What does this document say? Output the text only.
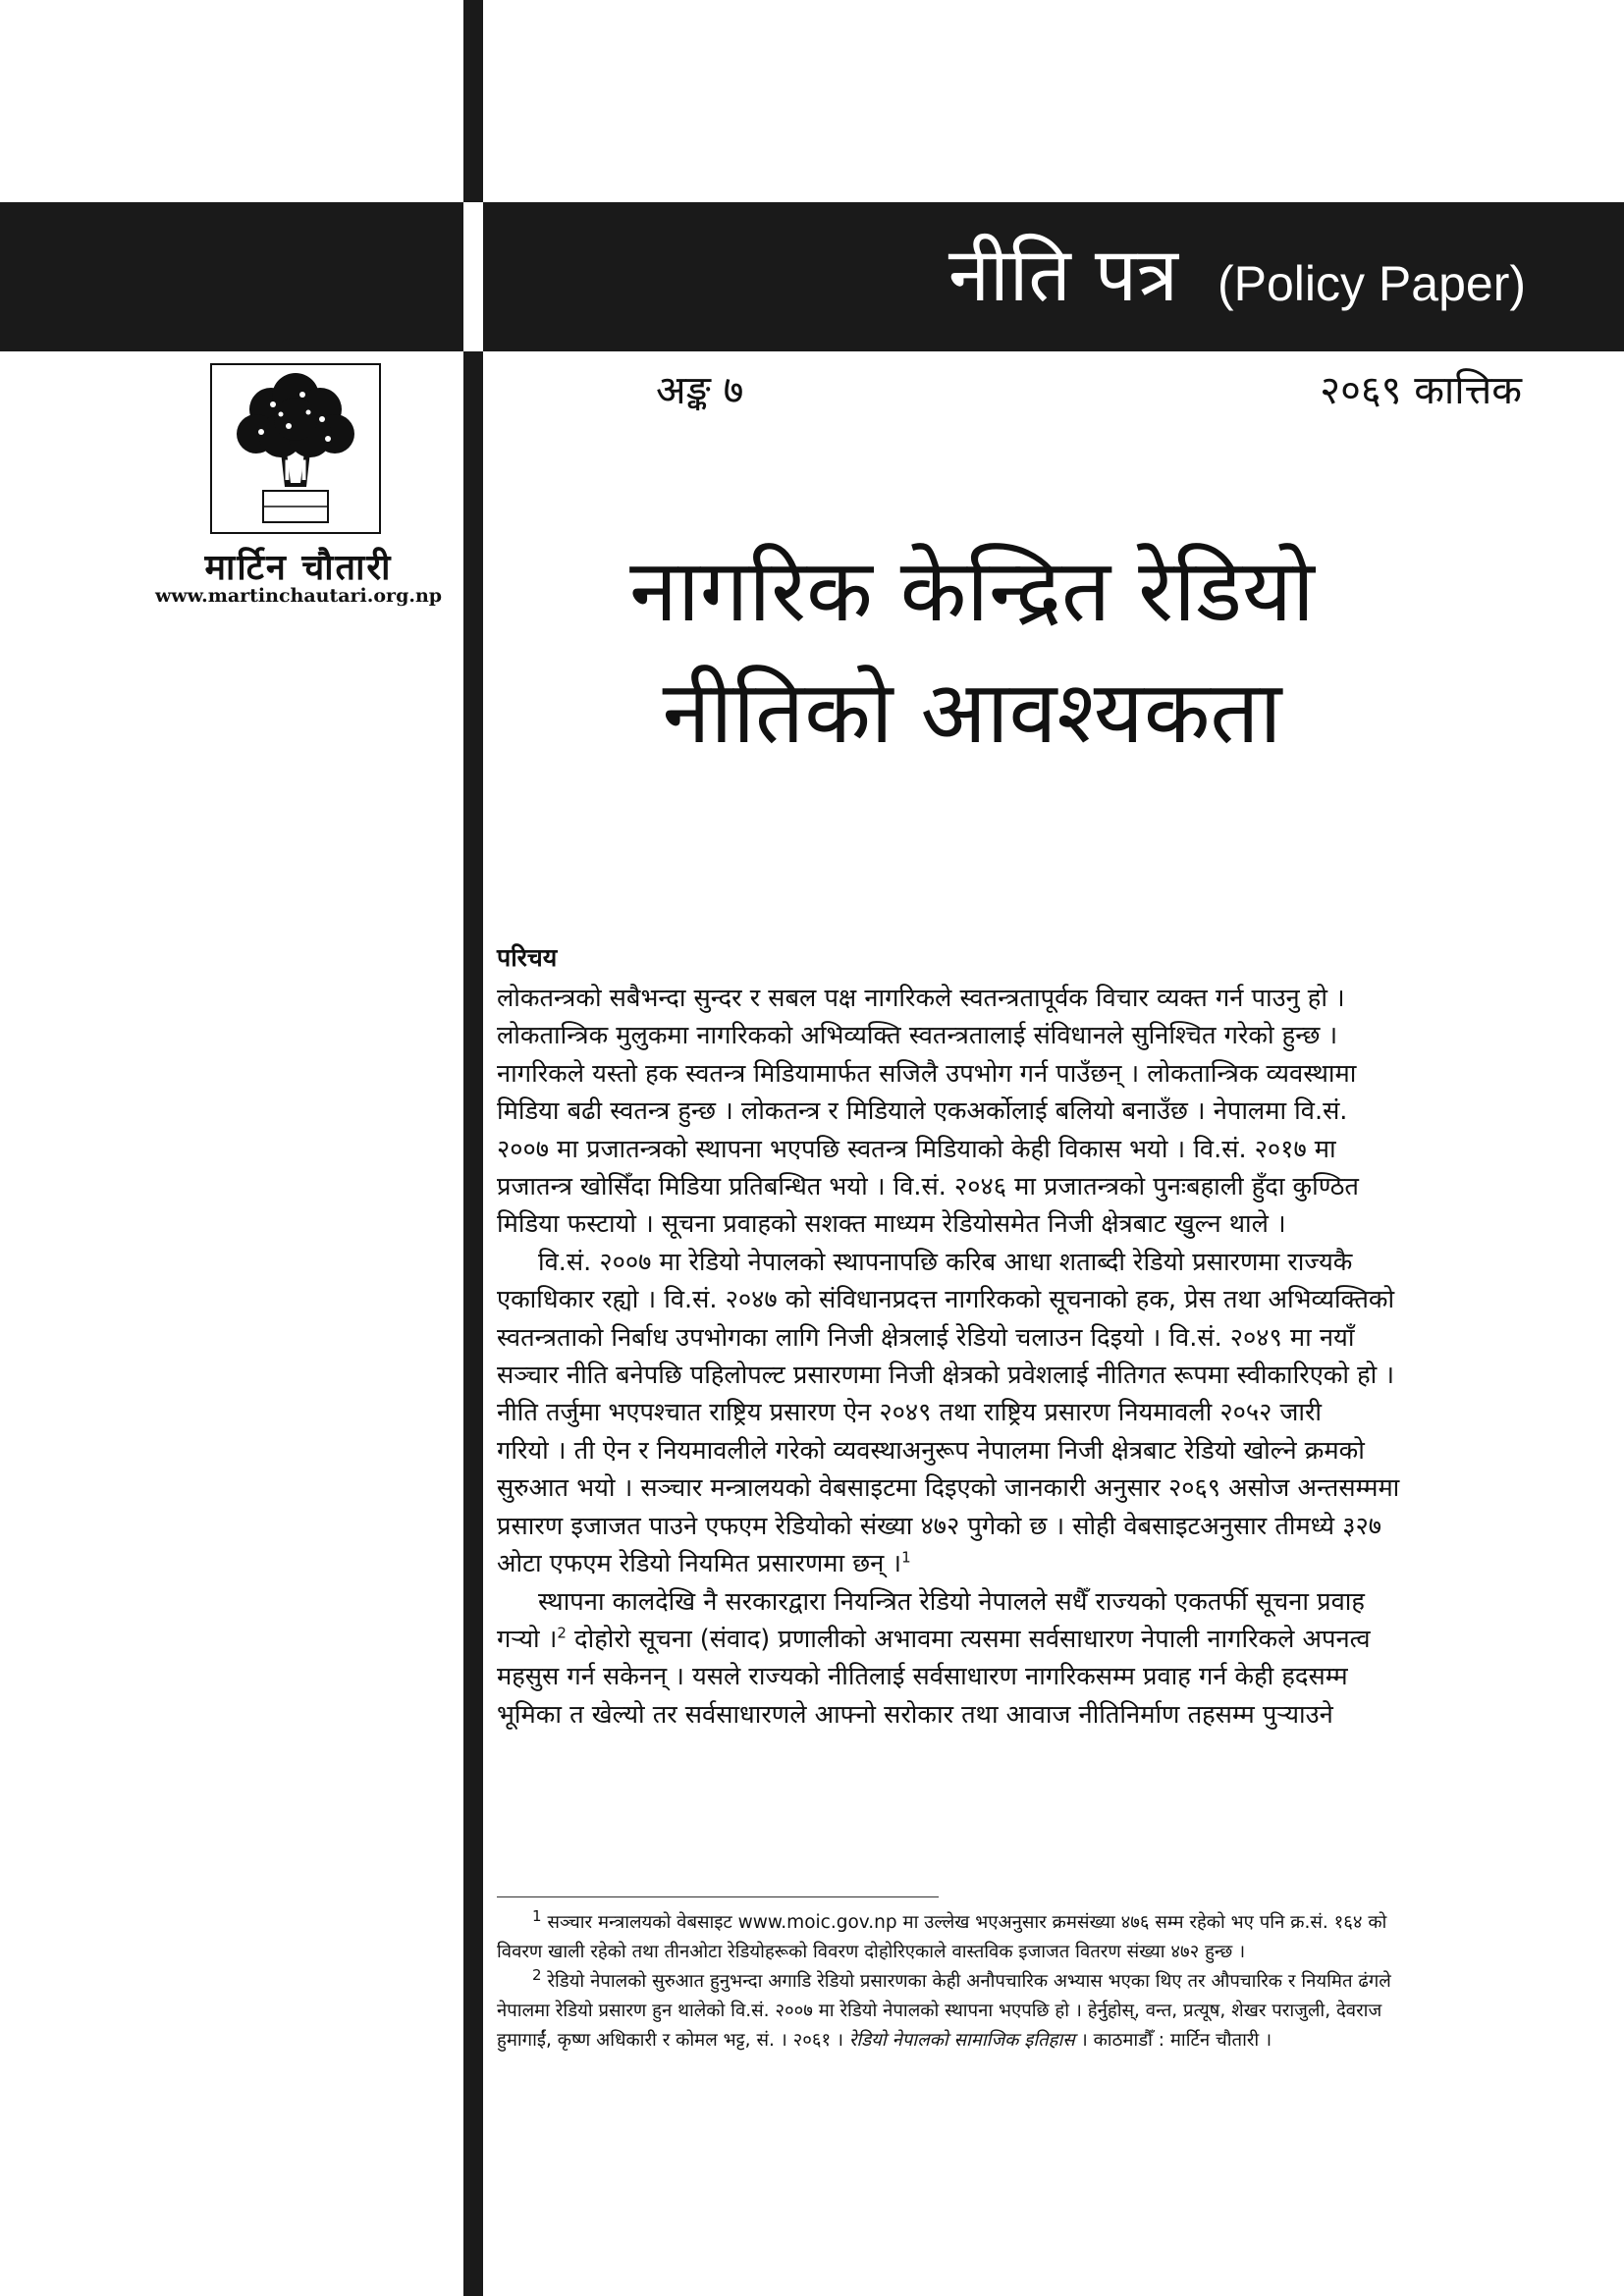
नीति पत्र (Policy Paper)
अङ्क ७	२०६९ कात्तिक
M
मार्टिन चौतारी
www.martinchautari.org.np	नागरिक केन्द्रित रेडियो
नीतिको आवश्यकता
परिचय
लोकतन्त्रको सबैभन्दा सुन्दर र सबल पक्ष नागरिकले स्वतन्त्रतापूर्वक विचार व्यक्त गर्न पाउनु हो ।
लोकतान्त्रिक मुलुकमा नागरिकको अभिव्यक्ति स्वतन्त्रतालाई संविधानले सुनिश्चित गरेको हुन्छ ।
नागरिकले यस्तो हक स्वतन्त्र मिडियामार्फत सजिलै उपभोग गर्न पाउँछन् । लोकतान्त्रिक व्यवस्थामा
मिडिया बढी स्वतन्त्र हुन्छ । लोकतन्त्र र मिडियाले एकअर्कोलाई बलियो बनाउँछ । नेपालमा वि.सं.
२००७ मा प्रजातन्त्रको स्थापना भएपछि स्वतन्त्र मिडियाको केही विकास भयो । वि.सं. २०१७ मा
प्रजातन्त्र खोसिँदा मिडिया प्रतिबन्धित भयो । वि.सं. २०४६ मा प्रजातन्त्रको पुनःबहाली हुँदा कुण्ठित
मिडिया फस्टायो । सूचना प्रवाहको सशक्त माध्यम रेडियोसमेत निजी क्षेत्रबाट खुल्न थाले ।
वि.सं. २००७ मा रेडियो नेपालको स्थापनापछि करिब आधा शताब्दी रेडियो प्रसारणमा राज्यकै
एकाधिकार रह्यो । वि.सं. २०४७ को संविधानप्रदत्त नागरिकको सूचनाको हक, प्रेस तथा अभिव्यक्तिको
स्वतन्त्रताको निर्बाध उपभोगका लागि निजी क्षेत्रलाई रेडियो चलाउन दिइयो । वि.सं. २०४९ मा नयाँ
सञ्चार नीति बनेपछि पहिलोपल्ट प्रसारणमा निजी क्षेत्रको प्रवेशलाई नीतिगत रूपमा स्वीकारिएको हो ।
नीति तर्जुमा भएपश्चात राष्ट्रिय प्रसारण ऐन २०४९ तथा राष्ट्रिय प्रसारण नियमावली २०५२ जारी
गरियो । ती ऐन र नियमावलीले गरेको व्यवस्थाअनुरूप नेपालमा निजी क्षेत्रबाट रेडियो खोल्ने क्रमको
सुरुआत भयो । सञ्चार मन्त्रालयको वेबसाइटमा दिइएको जानकारी अनुसार २०६९ असोज अन्तसम्ममा
प्रसारण इजाजत पाउने एफएम रेडियोको संख्या ४७२ पुगेको छ । सोही वेबसाइटअनुसार तीमध्ये ३२७
ओटा एफएम रेडियो नियमित प्रसारणमा छन् ।$^1$
स्थापना कालदेखि नै सरकारद्वारा नियन्त्रित रेडियो नेपालले सधैँ राज्यको एकतर्फी सूचना प्रवाह
गर्‍यो ।$^2$ दोहोरो सूचना (संवाद) प्रणालीको अभावमा त्यसमा सर्वसाधारण नेपाली नागरिकले अपनत्व
महसुस गर्न सकेनन् । यसले राज्यको नीतिलाई सर्वसाधारण नागरिकसम्म प्रवाह गर्न केही हदसम्म
भूमिका त खेल्यो तर सर्वसाधारणले आफ्नो सरोकार तथा आवाज नीतिनिर्माण तहसम्म पुर्‍याउने
$^1$ सञ्चार मन्त्रालयको वेबसाइट www.moic.gov.np मा उल्लेख भएअनुसार क्रमसंख्या ४७६ सम्म रहेको भए पनि क्र.सं. १६४ को
विवरण खाली रहेको तथा तीनओटा रेडियोहरूको विवरण दोहोरिएकाले वास्तविक इजाजत वितरण संख्या ४७२ हुन्छ ।
$^2$ रेडियो नेपालको सुरुआत हुनुभन्दा अगाडि रेडियो प्रसारणका केही अनौपचारिक अभ्यास भएका थिए तर औपचारिक र नियमित ढंगले
नेपालमा रेडियो प्रसारण हुन थालेको वि.सं. २००७ मा रेडियो नेपालको स्थापना भएपछि हो । हेर्नुहोस्, वन्त, प्रत्यूष, शेखर पराजुली, देवराज
हुमागाईं, कृष्ण अधिकारी र कोमल भट्ट, सं. । २०६१ । रेडियो नेपालको सामाजिक इतिहास । काठमाडौँ : मार्टिन चौतारी ।
